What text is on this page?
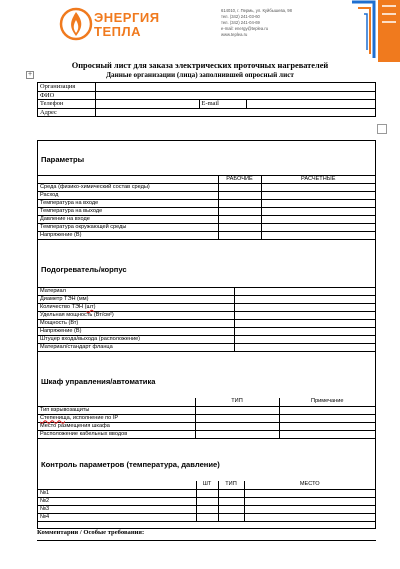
ЭНЕРГИЯ
ТЕПЛА
614010, г. Пермь, ул. Куйбышева, 98
тел. (342) 241-03-60
тел. (342) 241-04-69
e-mail: energy@teplea.ru
www.teplea.ru
Опросный лист для заказа электрических проточных нагревателей
+	Данные организации (лица) заполнившей опросный лист
Организация			
ФИО			
Телефон		E-mail	
Адрес			
Параметры
	РАБОЧИЕ	РАСЧЕТНЫЕ
Среда (физико-химический состав среды)		
Расход		
Температура на входе		
Температура на выходе		
Давление на входе		
Температура окружающей среды		
Напряжение (В)		
Подогреватель/корпус
Материал	
Диаметр ТЭН (мм)	
Количество ТЭН (шт)	
Удельная мощность (Вт/см²)	
Мощность (Вт)	
Напряжение (В)	
Штуцер входа/выхода (расположение)	
Материал/стандарт фланца	
Шкаф управления/автоматика
	ТИП	Примечание
Тип взрывозащиты		
Степенища, исполнение по IP		
Место размещения шкафа		
Расположение кабельных вводов		
Контроль параметров (температура, давление)
	ШТ	ТИП	МЕСТО
№1			
№2			
№3			
№4			
Комментарии / Особые требования:
